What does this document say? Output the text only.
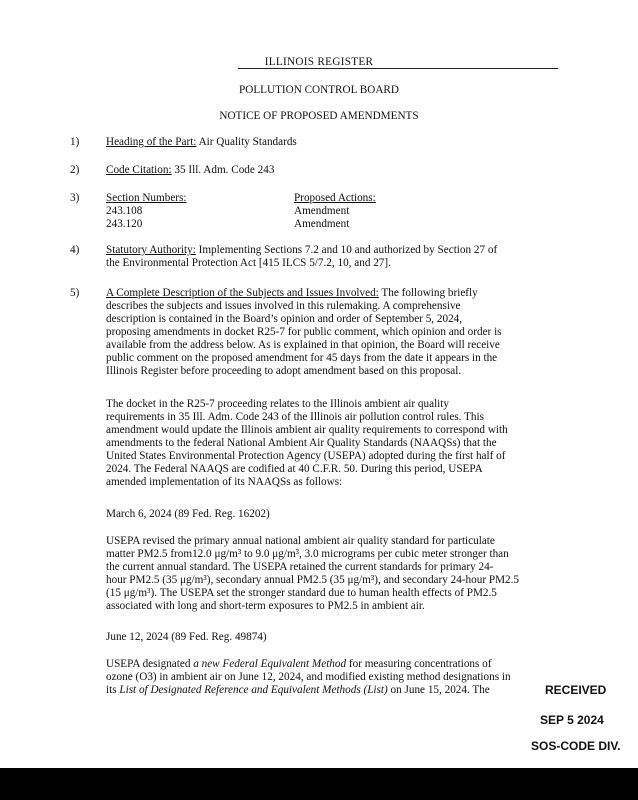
ILLINOIS REGISTER
POLLUTION CONTROL BOARD
NOTICE OF PROPOSED AMENDMENTS
1) Heading of the Part: Air Quality Standards
2) Code Citation: 35 Ill. Adm. Code 243
3) Section Numbers:	Proposed Actions:
243.108	Amendment
243.120	Amendment
4) Statutory Authority: Implementing Sections 7.2 and 10 and authorized by Section 27 of
the Environmental Protection Act [415 ILCS 5/7.2, 10, and 27].
5) A Complete Description of the Subjects and Issues Involved: The following briefly
describes the subjects and issues involved in this rulemaking. A comprehensive
description is contained in the Board’s opinion and order of September 5, 2024,
proposing amendments in docket R25-7 for public comment, which opinion and order is
available from the address below. As is explained in that opinion, the Board will receive
public comment on the proposed amendment for 45 days from the date it appears in the
Illinois Register before proceeding to adopt amendment based on this proposal.
The docket in the R25-7 proceeding relates to the Illinois ambient air quality
requirements in 35 Ill. Adm. Code 243 of the Illinois air pollution control rules. This
amendment would update the Illinois ambient air quality requirements to correspond with
amendments to the federal National Ambient Air Quality Standards (NAAQSs) that the
United States Environmental Protection Agency (USEPA) adopted during the first half of
2024. The Federal NAAQS are codified at 40 C.F.R. 50. During this period, USEPA
amended implementation of its NAAQSs as follows:
March 6, 2024 (89 Fed. Reg. 16202)
USEPA revised the primary annual national ambient air quality standard for particulate
matter PM2.5 from12.0 μg/m³ to 9.0 μg/m³, 3.0 micrograms per cubic meter stronger than
the current annual standard. The USEPA retained the current standards for primary 24-
hour PM2.5 (35 μg/m³), secondary annual PM2.5 (35 μg/m³), and secondary 24-hour PM2.5
(15 μg/m³). The USEPA set the stronger standard due to human health effects of PM2.5
associated with long and short-term exposures to PM2.5 in ambient air.
June 12, 2024 (89 Fed. Reg. 49874)
USEPA designated a new Federal Equivalent Method for measuring concentrations of
ozone (O3) in ambient air on June 12, 2024, and modified existing method designations in
its List of Designated Reference and Equivalent Methods (List) on June 15, 2024. The	RECEIVED
SEP 5 2024
SOS-CODE DIV.
